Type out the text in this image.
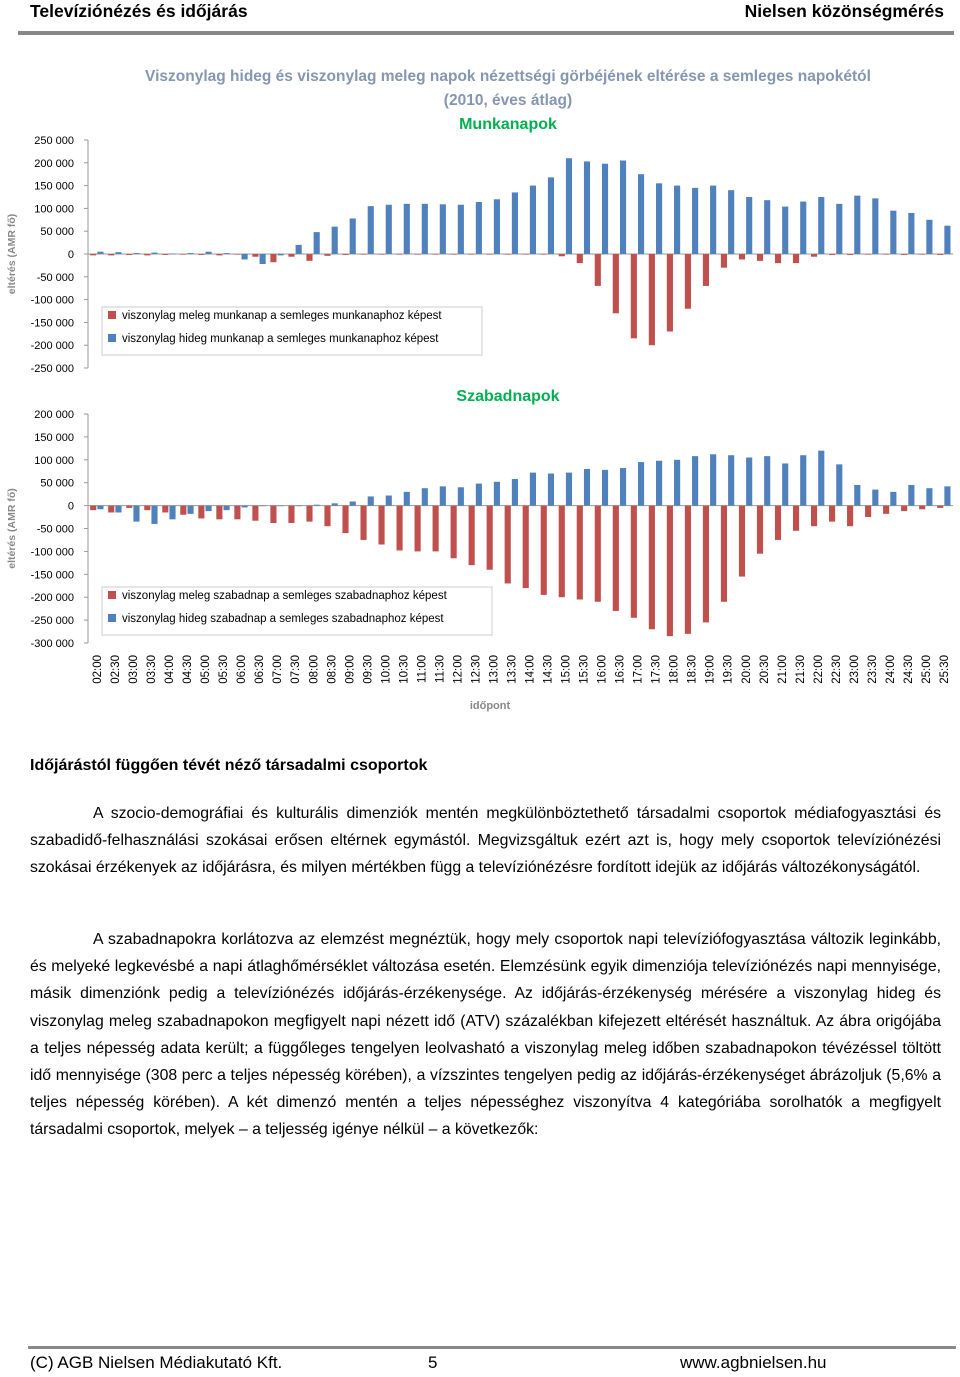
Televíziónézés és időjárás	Nielsen közönségmérés
Viszonylag hideg és viszonylag meleg napok nézettségi görbéjének eltérése a semleges napokétól
(2010, éves átlag)
Munkanapok
Szabadnapok
250 000
200 000
150 000
100 000
50 000
0
-50 000
-100 000
-150 000
-200 000
-250 000
eltérés (AMR fő)
viszonylag meleg munkanap a semleges munkanaphoz képest
viszonylag hideg munkanap a semleges munkanaphoz képest
200 000
150 000
100 000
50 000
0
-50 000
-100 000
-150 000
-200 000
-250 000
-300 000
eltérés (AMR fő)
viszonylag meleg szabadnap a semleges szabadnaphoz képest
viszonylag hideg szabadnap a semleges szabadnaphoz képest
02:00 02:30 03:00 03:30 04:00 04:30 05:00 05:30 06:00 06:30 07:00 07:30 08:00 08:30 09:00 09:30 10:00 10:30 11:00 11:30 12:00 12:30 13:00 13:30 14:00 14:30 15:00 15:30 16:00 16:30 17:00 17:30 18:00 18:30 19:00 19:30 20:00 20:30 21:00 21:30 22:00 22:30 23:00 23:30 24:00 24:30 25:00 25:30
időpont
Időjárástól függően tévét néző társadalmi csoportok
A szocio-demográfiai és kulturális dimenziók mentén megkülönböztethető társadalmi csoportok médiafogyasztási és szabadidő-felhasználási szokásai erősen eltérnek egymástól. Megvizsgáltuk ezért azt is, hogy mely csoportok televíziónézési szokásai érzékenyek az időjárásra, és milyen mértékben függ a televíziónézésre fordított idejük az időjárás változékonyságától.
A szabadnapokra korlátozva az elemzést megnéztük, hogy mely csoportok napi televíziófogyasztása változik leginkább, és melyeké legkevésbé a napi átlaghőmérséklet változása esetén. Elemzésünk egyik dimenziója televíziónézés napi mennyisége, másik dimenziónk pedig a televíziónézés időjárás-érzékenysége. Az időjárás-érzékenység mérésére a viszonylag hideg és viszonylag meleg szabadnapokon megfigyelt napi nézett idő (ATV) százalékban kifejezett eltérését használtuk. Az ábra origójába a teljes népesség adata került; a függőleges tengelyen leolvasható a viszonylag meleg időben szabadnapokon tévézéssel töltött idő mennyisége (308 perc a teljes népesség körében), a vízszintes tengelyen pedig az időjárás-érzékenységet ábrázoljuk (5,6% a teljes népesség körében). A két dimenzó mentén a teljes népességhez viszonyítva 4 kategóriába sorolhatók a megfigyelt társadalmi csoportok, melyek – a teljesség igénye nélkül – a következők:
(C) AGB Nielsen Médiakutató Kft.	5	www.agbnielsen.hu
